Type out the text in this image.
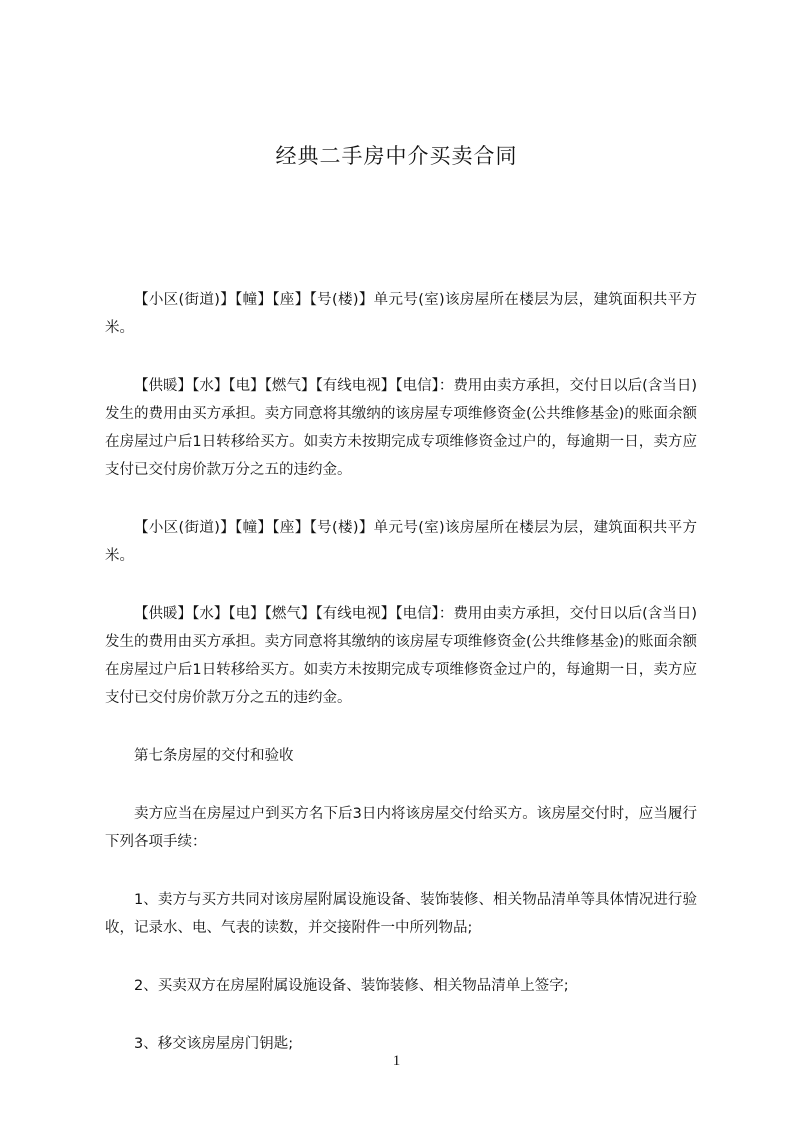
经典二手房中介买卖合同

【小区(街道)】【幢】【座】【号(楼)】单元号(室)该房屋所在楼层为层，建筑面积共平方米。

【供暖】【水】【电】【燃气】【有线电视】【电信】：费用由卖方承担，交付日以后(含当日)发生的费用由买方承担。卖方同意将其缴纳的该房屋专项维修资金(公共维修基金)的账面余额在房屋过户后1日转移给买方。如卖方未按期完成专项维修资金过户的，每逾期一日，卖方应支付已交付房价款万分之五的违约金。

【小区(街道)】【幢】【座】【号(楼)】单元号(室)该房屋所在楼层为层，建筑面积共平方米。

【供暖】【水】【电】【燃气】【有线电视】【电信】：费用由卖方承担，交付日以后(含当日)发生的费用由买方承担。卖方同意将其缴纳的该房屋专项维修资金(公共维修基金)的账面余额在房屋过户后1日转移给买方。如卖方未按期完成专项维修资金过户的，每逾期一日，卖方应支付已交付房价款万分之五的违约金。

第七条房屋的交付和验收

卖方应当在房屋过户到买方名下后3日内将该房屋交付给买方。该房屋交付时，应当履行下列各项手续：

1、卖方与买方共同对该房屋附属设施设备、装饰装修、相关物品清单等具体情况进行验收，记录水、电、气表的读数，并交接附件一中所列物品;

2、买卖双方在房屋附属设施设备、装饰装修、相关物品清单上签字;

3、移交该房屋房门钥匙;

1
